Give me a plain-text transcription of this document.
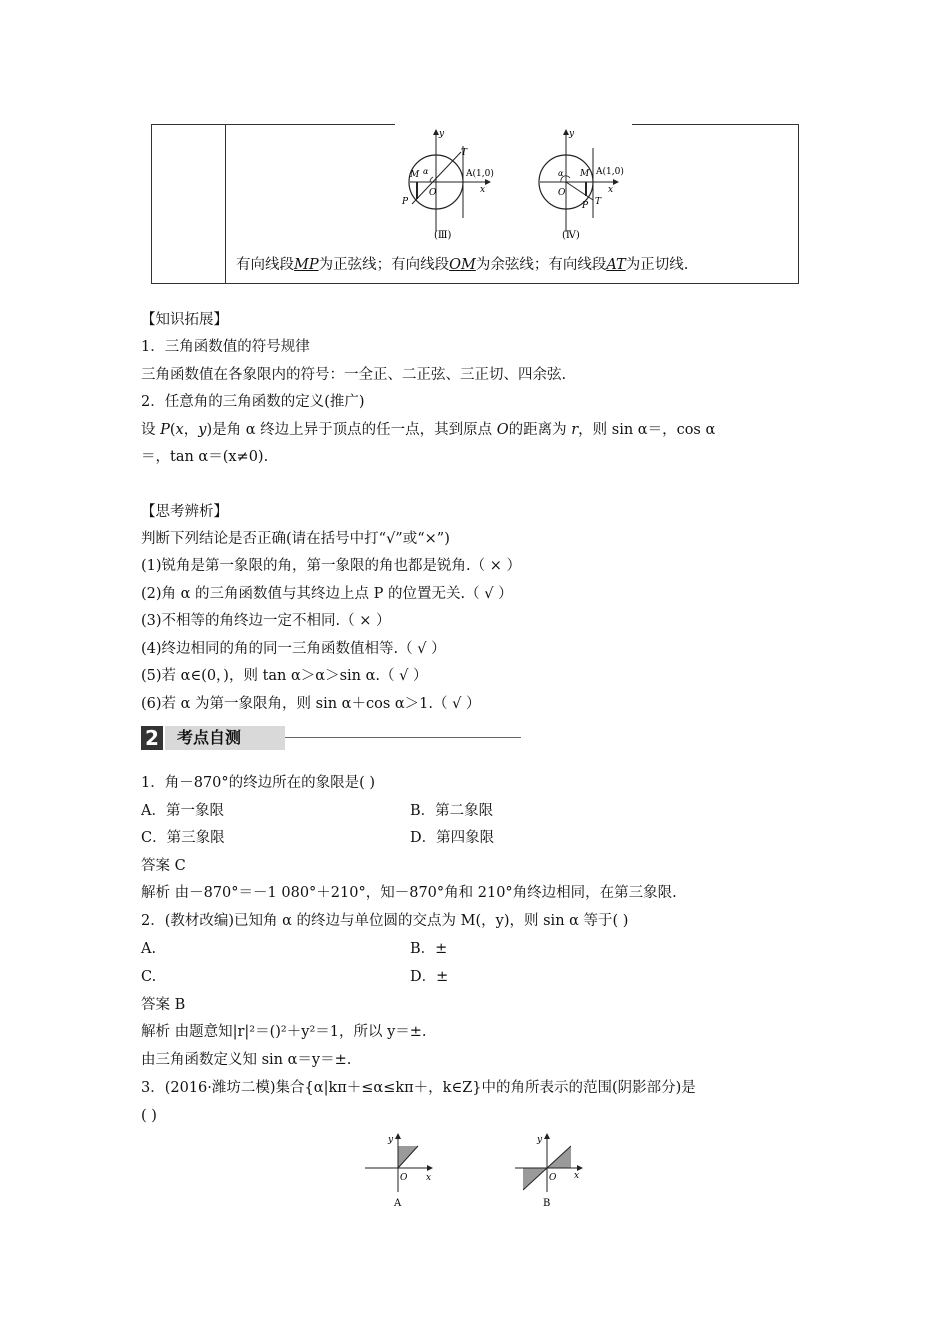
y
x
O
T
M
P
α	A(1,0)
(Ⅲ)
y
x
O
α M
P T
A(1,0)
(Ⅳ)
有向线段MP为正弦线；有向线段OM为余弦线；有向线段AT为正切线.
【知识拓展】
1．三角函数值的符号规律
三角函数值在各象限内的符号：一全正、二正弦、三正切、四余弦.
2．任意角的三角函数的定义(推广)
设 P(x，y)是角 α 终边上异于顶点的任一点，其到原点 O的距离为 r，则 sin α＝，cos α
＝，tan α＝(x≠0).
【思考辨析】
判断下列结论是否正确(请在括号中打“√”或“×”)
(1)锐角是第一象限的角，第一象限的角也都是锐角.（ × ）
(2)角 α 的三角函数值与其终边上点 P 的位置无关.（ √ ）
(3)不相等的角终边一定不相同.（ × ）
(4)终边相同的角的同一三角函数值相等.（ √ ）
(5)若 α∈(0，)，则 tan α＞α＞sin α.（ √ ）
(6)若 α 为第一象限角，则 sin α＋cos α＞1.（ √ ）
2	考点自测
1．角－870°的终边所在的象限是( )
A．第一象限	B．第二象限
C．第三象限	D．第四象限
答案 C
解析 由－870°＝－1 080°＋210°，知－870°角和 210°角终边相同，在第三象限.
2．(教材改编)已知角 α 的终边与单位圆的交点为 M(，y)，则 sin α 等于( )
A.	B．±
C.	D．±
答案 B
解析 由题意知|r|²＝()²＋y²＝1，所以 y＝±.
由三角函数定义知 sin α＝y＝±.
3．(2016·潍坊二模)集合{α|kπ＋≤α≤kπ＋，k∈Z}中的角所表示的范围(阴影部分)是
( )
y
x
O
A
y
x
O
B
